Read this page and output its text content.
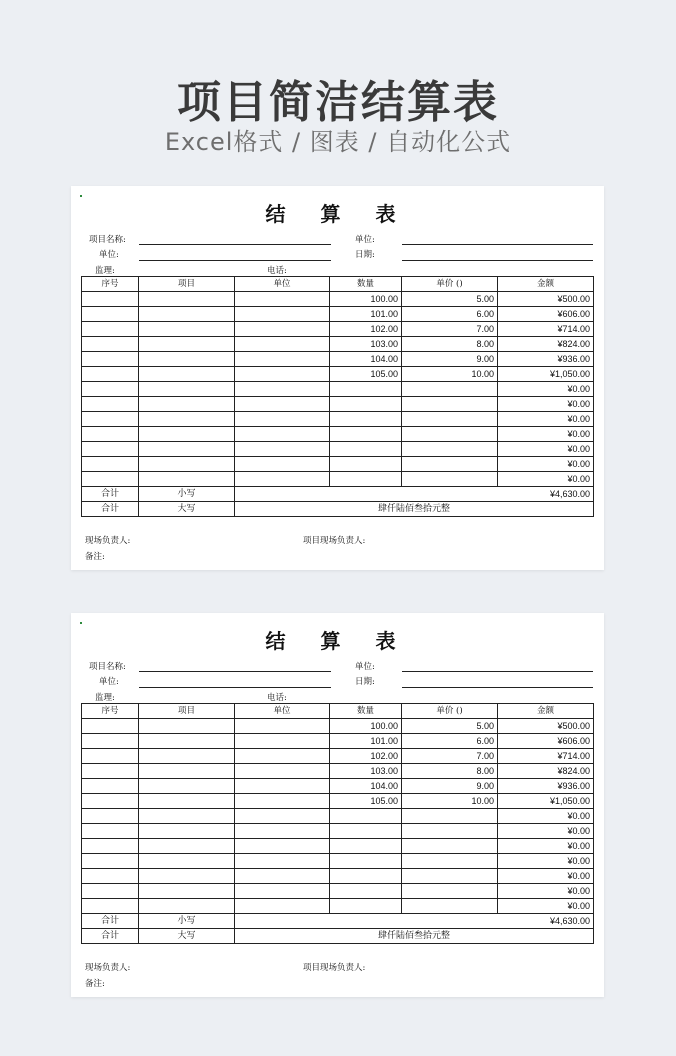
项目简洁结算表
Excel格式 / 图表 / 自动化公式
结 算 表
项目名称:	单位:
单位:	日期:
监理:	电话:
序号	项目	单位	数量	单价 ()	金额
			100.00	5.00	¥500.00
			101.00	6.00	¥606.00
			102.00	7.00	¥714.00
			103.00	8.00	¥824.00
			104.00	9.00	¥936.00
			105.00	10.00	¥1,050.00
					¥0.00
					¥0.00
					¥0.00
					¥0.00
					¥0.00
					¥0.00
					¥0.00
合计	小写	¥4,630.00			
合计	大写	肆仟陆佰叁拾元整			
现场负责人:	项目现场负责人:
备注:
结 算 表
项目名称:	单位:
单位:	日期:
监理:	电话:
序号	项目	单位	数量	单价 ()	金额
			100.00	5.00	¥500.00
			101.00	6.00	¥606.00
			102.00	7.00	¥714.00
			103.00	8.00	¥824.00
			104.00	9.00	¥936.00
			105.00	10.00	¥1,050.00
					¥0.00
					¥0.00
					¥0.00
					¥0.00
					¥0.00
					¥0.00
					¥0.00
合计	小写	¥4,630.00			
合计	大写	肆仟陆佰叁拾元整			
现场负责人:	项目现场负责人:
备注:
